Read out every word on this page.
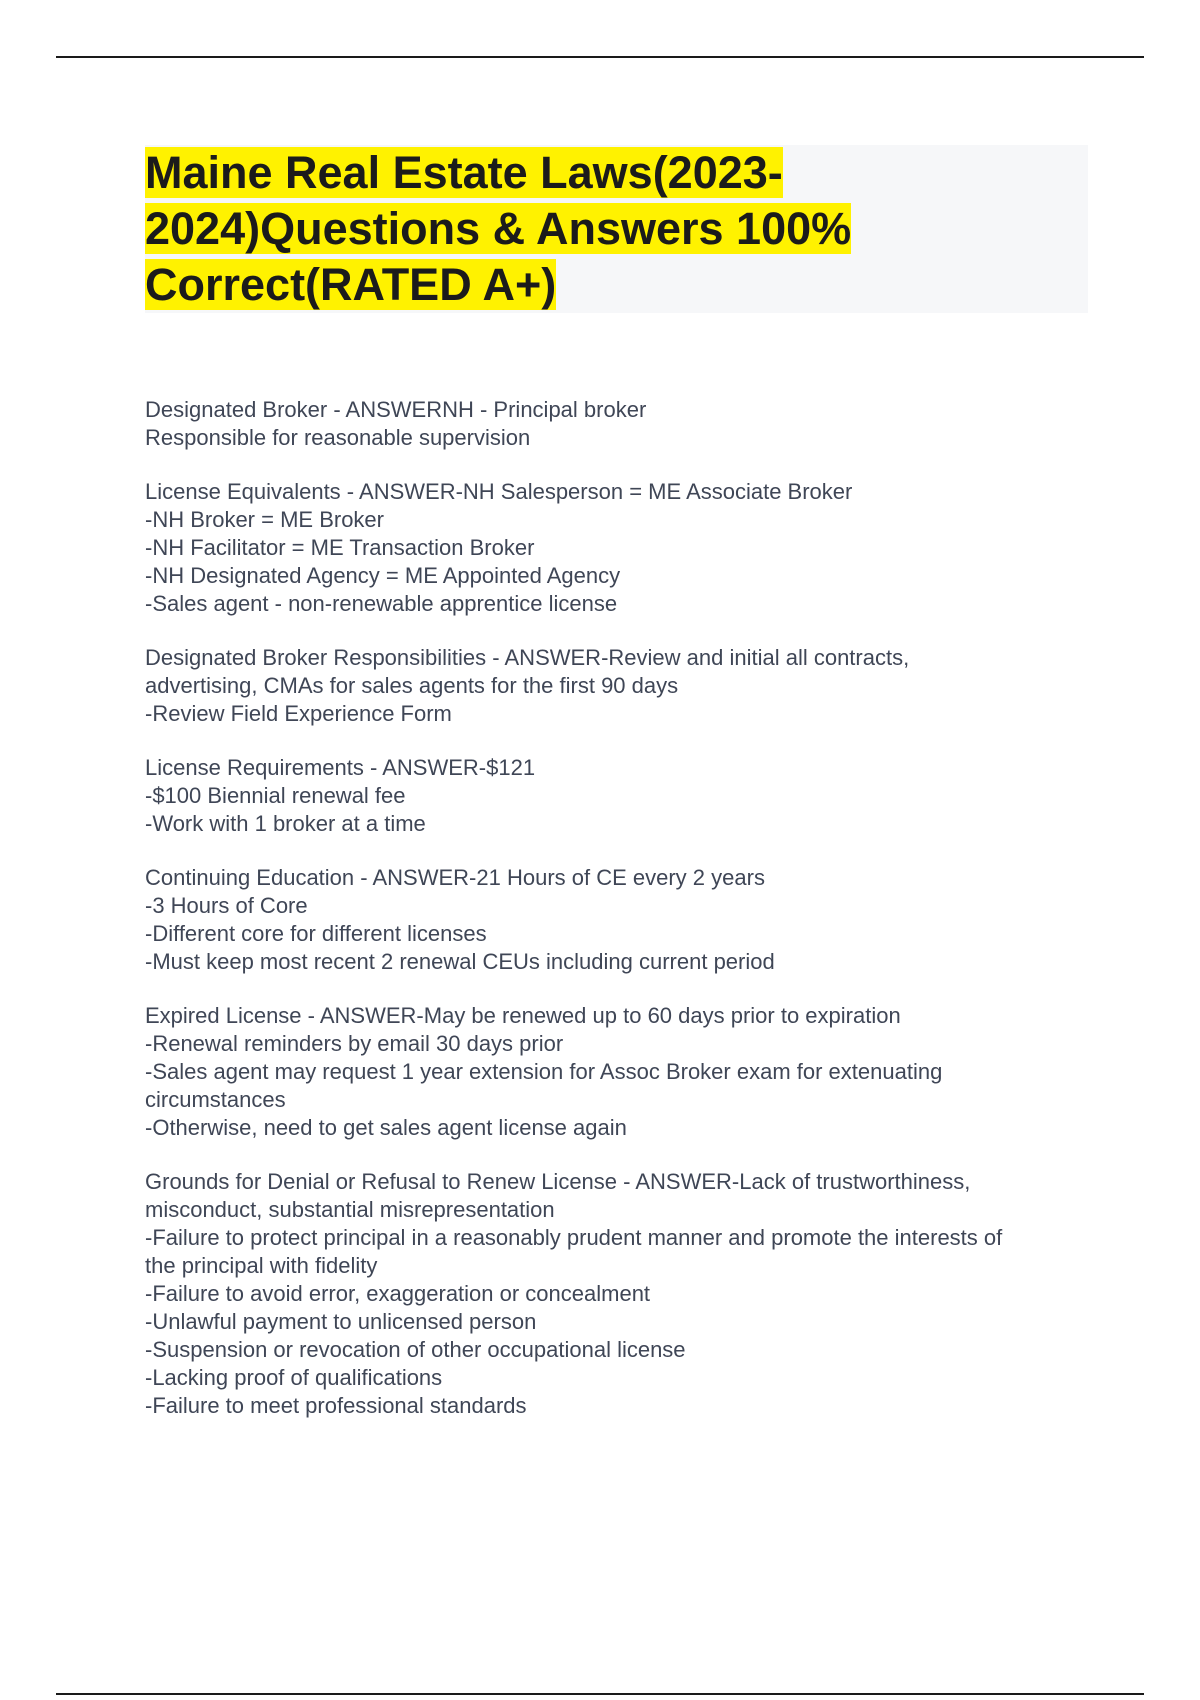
Maine Real Estate Laws(2023-
2024)Questions & Answers 100%
Correct(RATED A+)
Designated Broker - ANSWERNH - Principal broker
Responsible for reasonable supervision
License Equivalents - ANSWER-NH Salesperson = ME Associate Broker
-NH Broker = ME Broker
-NH Facilitator = ME Transaction Broker
-NH Designated Agency = ME Appointed Agency
-Sales agent - non-renewable apprentice license
Designated Broker Responsibilities - ANSWER-Review and initial all contracts,
advertising, CMAs for sales agents for the first 90 days
-Review Field Experience Form
License Requirements - ANSWER-$121
-$100 Biennial renewal fee
-Work with 1 broker at a time
Continuing Education - ANSWER-21 Hours of CE every 2 years
-3 Hours of Core
-Different core for different licenses
-Must keep most recent 2 renewal CEUs including current period
Expired License - ANSWER-May be renewed up to 60 days prior to expiration
-Renewal reminders by email 30 days prior
-Sales agent may request 1 year extension for Assoc Broker exam for extenuating
circumstances
-Otherwise, need to get sales agent license again
Grounds for Denial or Refusal to Renew License - ANSWER-Lack of trustworthiness,
misconduct, substantial misrepresentation
-Failure to protect principal in a reasonably prudent manner and promote the interests of
the principal with fidelity
-Failure to avoid error, exaggeration or concealment
-Unlawful payment to unlicensed person
-Suspension or revocation of other occupational license
-Lacking proof of qualifications
-Failure to meet professional standards
